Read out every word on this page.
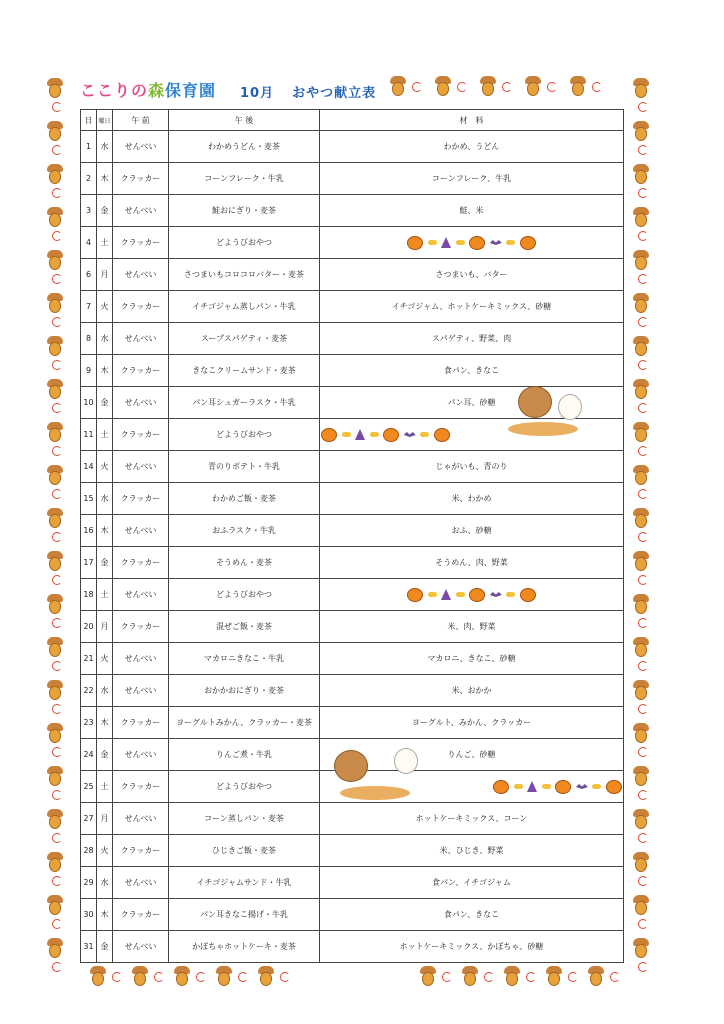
ここりの森保育園 10月 おやつ献立表
日	曜日	午 前	午 後	材　料
1	水	せんべい	わかめうどん・麦茶	わかめ、うどん
2	木	クラッカー	コーンフレーク・牛乳	コーンフレーク、牛乳
3	金	せんべい	鮭おにぎり・麦茶	鮭、米
4	土	クラッカー	どようびおやつ	
6	月	せんべい	さつまいもコロコロバター・麦茶	さつまいも、バター
7	火	クラッカー	イチゴジャム蒸しパン・牛乳	イチゴジャム、ホットケーキミックス、砂糖
8	水	せんべい	スープスパゲティ・麦茶	スパゲティ、野菜、肉
9	木	クラッカー	きなこクリームサンド・麦茶	食パン、きなこ
10	金	せんべい	パン耳シュガーラスク・牛乳	パン耳、砂糖
11	土	クラッカー	どようびおやつ	
14	火	せんべい	青のりポテト・牛乳	じゃがいも、青のり
15	水	クラッカー	わかめご飯・麦茶	米、わかめ
16	木	せんべい	おふラスク・牛乳	おふ、砂糖
17	金	クラッカー	そうめん・麦茶	そうめん、肉、野菜
18	土	せんべい	どようびおやつ	
20	月	クラッカー	混ぜご飯・麦茶	米、肉、野菜
21	火	せんべい	マカロニきなこ・牛乳	マカロニ、きなこ、砂糖
22	水	せんべい	おかかおにぎり・麦茶	米、おかか
23	木	クラッカー	ヨーグルトみかん、クラッカー・麦茶	ヨーグルト、みかん、クラッカー
24	金	せんべい	りんご煮・牛乳	りんご、砂糖
25	土	クラッカー	どようびおやつ	
27	月	せんべい	コーン蒸しパン・麦茶	ホットケーキミックス、コーン
28	火	クラッカー	ひじきご飯・麦茶	米、ひじき、野菜
29	水	せんべい	イチゴジャムサンド・牛乳	食パン、イチゴジャム
30	木	クラッカー	パン耳きなこ揚げ・牛乳	食パン、きなこ
31	金	せんべい	かぼちゃホットケーキ・麦茶	ホットケーキミックス、かぼちゃ、砂糖
